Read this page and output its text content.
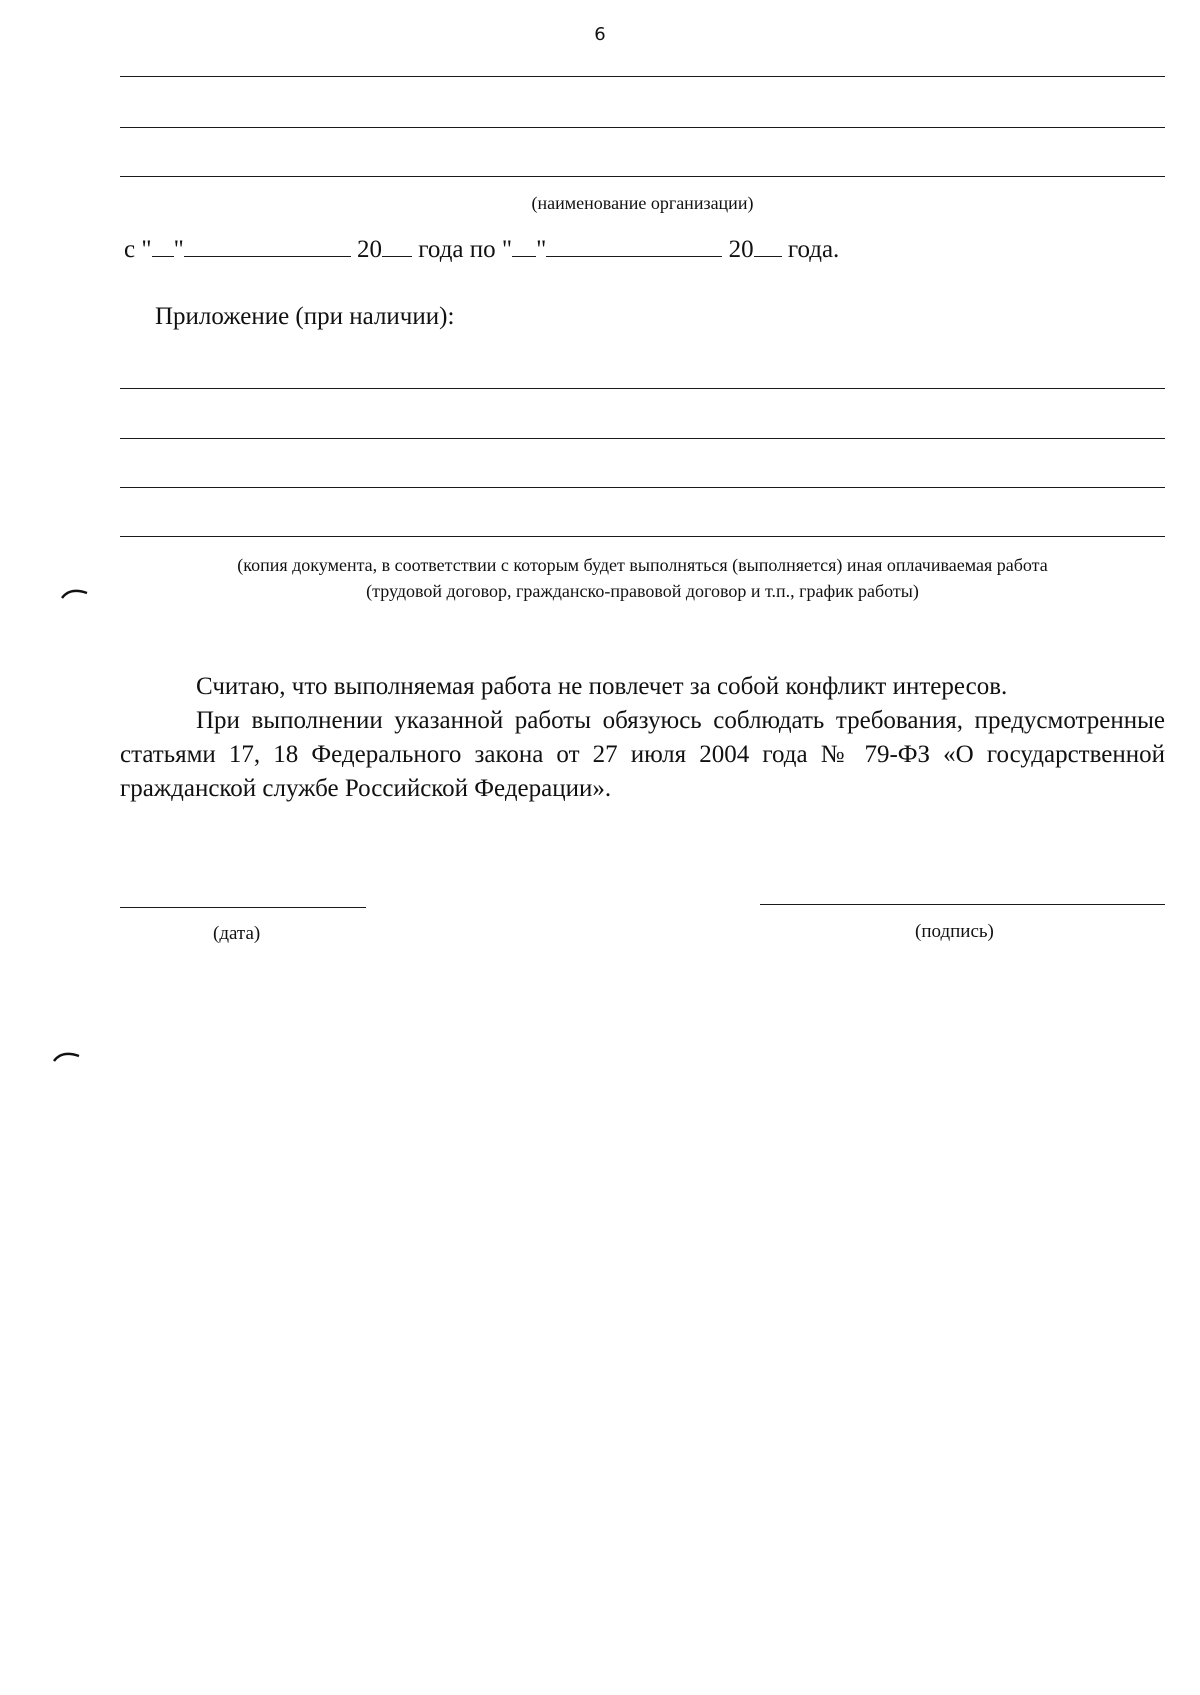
6
(наименование организации)
с " "	20 года по " "	20 года.
Приложение (при наличии):
(копия документа, в соответствии с которым будет выполняться (выполняется) иная оплачиваемая работа
(трудовой договор, гражданско-правовой договор и т.п., график работы)
Считаю, что выполняемая работа не повлечет за собой конфликт интересов.
При выполнении указанной работы обязуюсь соблюдать требования, предусмотренные статьями 17, 18 Федерального закона от 27 июля 2004 года № 79-ФЗ «О государственной гражданской службе Российской Федерации».
(дата)	(подпись)
